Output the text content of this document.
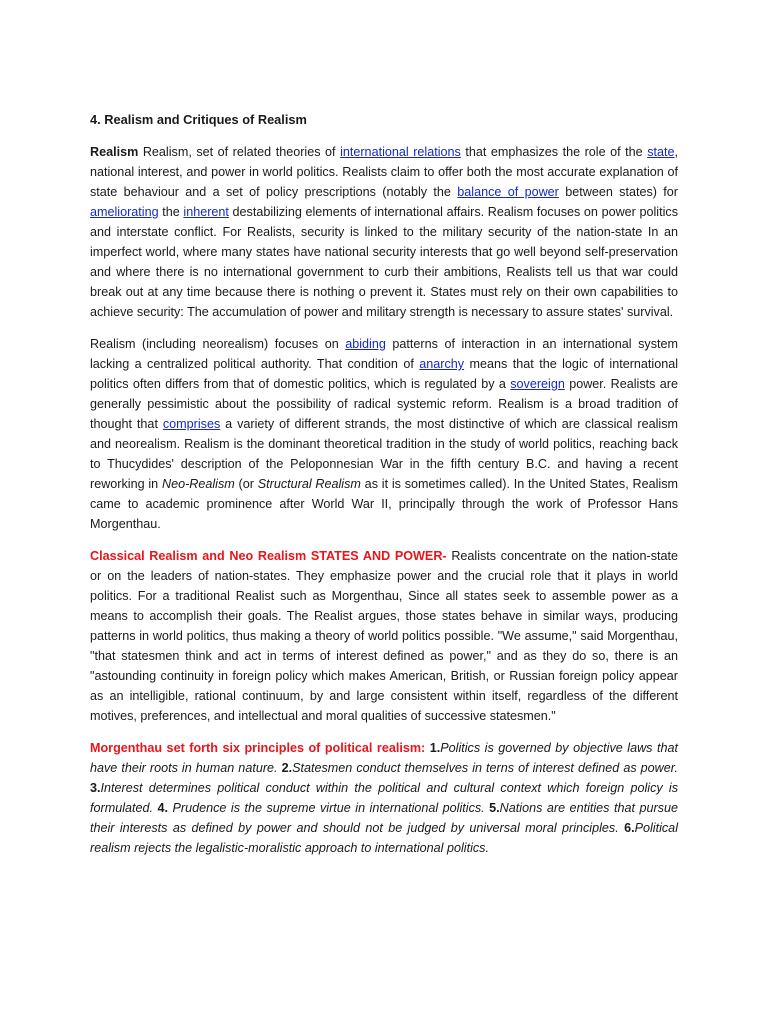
4. Realism and Critiques of Realism

Realism Realism, set of related theories of international relations that emphasizes the role of the state, national interest, and power in world politics. Realists claim to offer both the most accurate explanation of state behaviour and a set of policy prescriptions (notably the balance of power between states) for ameliorating the inherent destabilizing elements of international affairs. Realism focuses on power politics and interstate conflict. For Realists, security is linked to the military security of the nation-state In an imperfect world, where many states have national security interests that go well beyond self-preservation and where there is no international government to curb their ambitions, Realists tell us that war could break out at any time because there is nothing o prevent it. States must rely on their own capabilities to achieve security: The accumulation of power and military strength is necessary to assure states' survival.

Realism (including neorealism) focuses on abiding patterns of interaction in an international system lacking a centralized political authority. That condition of anarchy means that the logic of international politics often differs from that of domestic politics, which is regulated by a sovereign power. Realists are generally pessimistic about the possibility of radical systemic reform. Realism is a broad tradition of thought that comprises a variety of different strands, the most distinctive of which are classical realism and neorealism. Realism is the dominant theoretical tradition in the study of world politics, reaching back to Thucydides' description of the Peloponnesian War in the fifth century B.C. and having a recent reworking in Neo-Realism (or Structural Realism as it is sometimes called). In the United States, Realism came to academic prominence after World War II, principally through the work of Professor Hans Morgenthau.

Classical Realism and Neo Realism STATES AND POWER- Realists concentrate on the nation-state or on the leaders of nation-states. They emphasize power and the crucial role that it plays in world politics. For a traditional Realist such as Morgenthau, Since all states seek to assemble power as a means to accomplish their goals. The Realist argues, those states behave in similar ways, producing patterns in world politics, thus making a theory of world politics possible. "We assume," said Morgenthau, "that statesmen think and act in terms of interest defined as power," and as they do so, there is an "astounding continuity in foreign policy which makes American, British, or Russian foreign policy appear as an intelligible, rational continuum, by and large consistent within itself, regardless of the different motives, preferences, and intellectual and moral qualities of successive statesmen."

Morgenthau set forth six principles of political realism: 1.Politics is governed by objective laws that have their roots in human nature. 2.Statesmen conduct themselves in terns of interest defined as power. 3.Interest determines political conduct within the political and cultural context which foreign policy is formulated. 4. Prudence is the supreme virtue in international politics. 5.Nations are entities that pursue their interests as defined by power and should not be judged by universal moral principles. 6.Political realism rejects the legalistic-moralistic approach to international politics.
